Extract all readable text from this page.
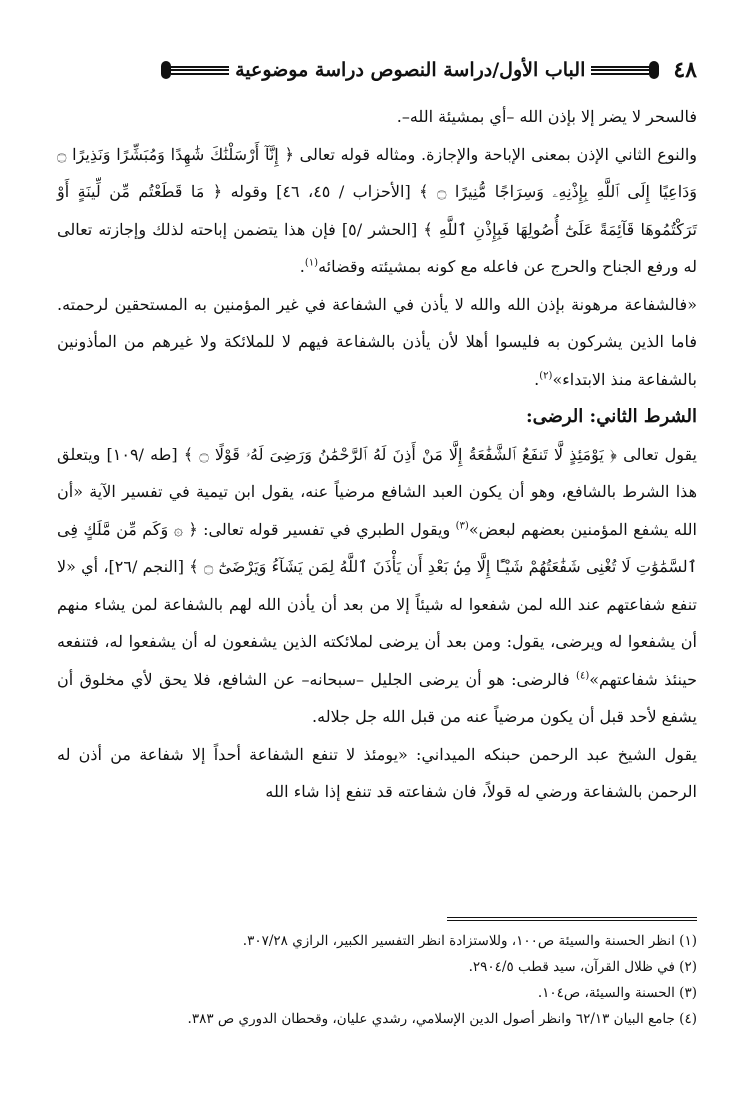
٤٨
الباب الأول/دراسة النصوص دراسة موضوعية

فالسحر لا يضر إلا بإذن الله –أي بمشيئة الله–.

والنوع الثاني الإذن بمعنى الإباحة والإجازة. ومثاله قوله تعالى ﴿ إِنَّآ أَرْسَلْنَٰكَ شَٰهِدًا وَمُبَشِّرًا وَنَذِيرًا ۝ وَدَاعِيًا إِلَى ٱللَّهِ بِإِذْنِهِۦ وَسِرَاجًا مُّنِيرًا ۝ ﴾ [الأحزاب / ٤٥، ٤٦] وقوله ﴿ مَا قَطَعْتُم مِّن لِّينَةٍ أَوْ تَرَكْتُمُوهَا قَآئِمَةً عَلَىٰٓ أُصُولِهَا فَبِإِذْنِ ٱللَّهِ ﴾ [الحشر /٥] فإن هذا يتضمن إباحته لذلك وإجازته تعالى له ورفع الجناح والحرج عن فاعله مع كونه بمشيئته وقضائه$^{(١)}$.

«فالشفاعة مرهونة بإذن الله والله لا يأذن في الشفاعة في غير المؤمنين به المستحقين لرحمته. فاما الذين يشركون به فليسوا أهلا لأن يأذن بالشفاعة فيهم لا للملائكة ولا غيرهم من المأذونين بالشفاعة منذ الابتداء»$^{(٢)}$.

الشرط الثاني: الرضى:

يقول تعالى ﴿ يَوْمَئِذٍ لَّا تَنفَعُ ٱلشَّفَٰعَةُ إِلَّا مَنْ أَذِنَ لَهُ ٱلرَّحْمَٰنُ وَرَضِىَ لَهُۥ قَوْلًا ۝ ﴾ [طه /١٠٩] ويتعلق هذا الشرط بالشافع، وهو أن يكون العبد الشافع مرضياً عنه، يقول ابن تيمية في تفسير الآية «أن الله يشفع المؤمنين بعضهم لبعض»$^{(٣)}$ ويقول الطبري في تفسير قوله تعالى: ﴿ ۞ وَكَم مِّن مَّلَكٍ فِى ٱلسَّمَٰوَٰتِ لَا تُغْنِى شَفَٰعَتُهُمْ شَيْـًٔا إِلَّا مِنۢ بَعْدِ أَن يَأْذَنَ ٱللَّهُ لِمَن يَشَآءُ وَيَرْضَىٰٓ ۝ ﴾ [النجم /٢٦]، أي «لا تنفع شفاعتهم عند الله لمن شفعوا له شيئاً إلا من بعد أن يأذن الله لهم بالشفاعة لمن يشاء منهم أن يشفعوا له ويرضى، يقول: ومن بعد أن يرضى لملائكته الذين يشفعون له أن يشفعوا له، فتنفعه حينئذ شفاعتهم»$^{(٤)}$ فالرضى: هو أن يرضى الجليل –سبحانه– عن الشافع، فلا يحق لأي مخلوق أن يشفع لأحد قبل أن يكون مرضياً عنه من قبل الله جل جلاله.

يقول الشيخ عبد الرحمن حبنكه الميداني: «يومئذ لا تنفع الشفاعة أحداً إلا شفاعة من أذن له الرحمن بالشفاعة ورضي له قولاً، فان شفاعته قد تنفع إذا شاء الله

(١) انظر الحسنة والسيئة ص١٠٠، وللاستزادة انظر التفسير الكبير، الرازي ٣٠٧/٢٨.
(٢) في ظلال القرآن، سيد قطب ٢٩٠٤/٥.
(٣) الحسنة والسيئة، ص١٠٤.
(٤) جامع البيان ٦٢/١٣ وانظر أصول الدين الإسلامي، رشدي عليان، وقحطان الدوري ص ٣٨٣.
